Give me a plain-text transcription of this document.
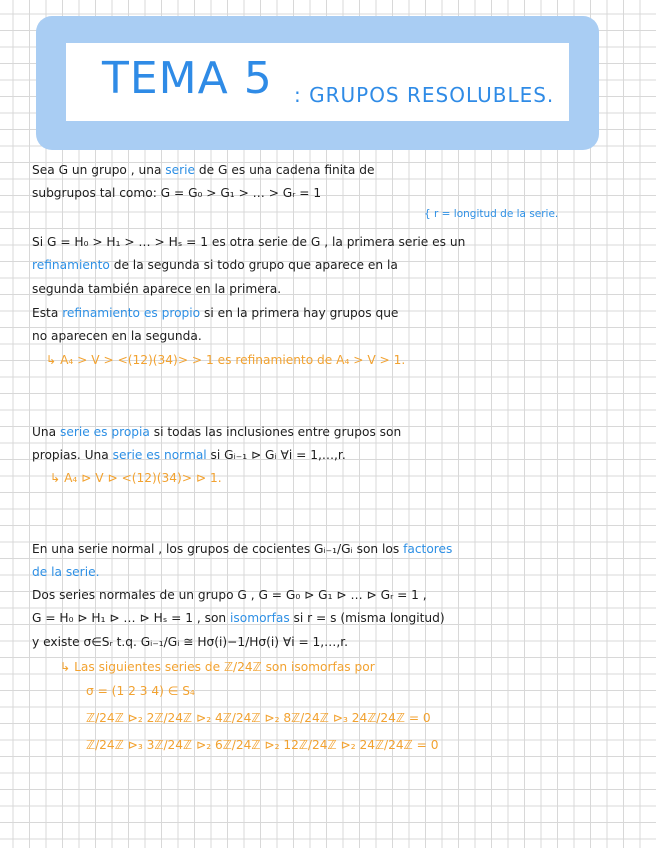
TEMA 5 : GRUPOS RESOLUBLES.
Sea G un grupo , una serie de G es una cadena finita de
subgrupos tal como: G = G₀ > G₁ > … > Gᵣ = 1
{ r = longitud de la serie.
Si G = H₀ > H₁ > … > Hₛ = 1 es otra serie de G , la primera serie es un
refinamiento de la segunda si todo grupo que aparece en la
segunda también aparece en la primera.
Esta refinamiento es propio si en la primera hay grupos que
no aparecen en la segunda.
↳ A₄ > V > <(12)(34)> > 1 es refinamiento de A₄ > V > 1.
Una serie es propia si todas las inclusiones entre grupos son
propias. Una serie es normal si Gᵢ₋₁ ⊳ Gᵢ ∀i = 1,…,r.
↳ A₄ ⊳ V ⊳ <(12)(34)> ⊳ 1.
En una serie normal , los grupos de cocientes Gᵢ₋₁/Gᵢ son los factores
de la serie.
Dos series normales de un grupo G , G = G₀ ⊳ G₁ ⊳ … ⊳ Gᵣ = 1 ,
G = H₀ ⊳ H₁ ⊳ … ⊳ Hₛ = 1 , son isomorfas si r = s (misma longitud)
y existe σ∈Sᵣ t.q. Gᵢ₋₁/Gᵢ ≅ Hσ(i)−1/Hσ(i) ∀i = 1,…,r.
↳ Las siguientes series de ℤ/24ℤ son isomorfas por
σ = (1 2 3 4) ∈ S₄
ℤ/24ℤ ⊳₂ 2ℤ/24ℤ ⊳₂ 4ℤ/24ℤ ⊳₂ 8ℤ/24ℤ ⊳₃ 24ℤ/24ℤ = 0
ℤ/24ℤ ⊳₃ 3ℤ/24ℤ ⊳₂ 6ℤ/24ℤ ⊳₂ 12ℤ/24ℤ ⊳₂ 24ℤ/24ℤ = 0
